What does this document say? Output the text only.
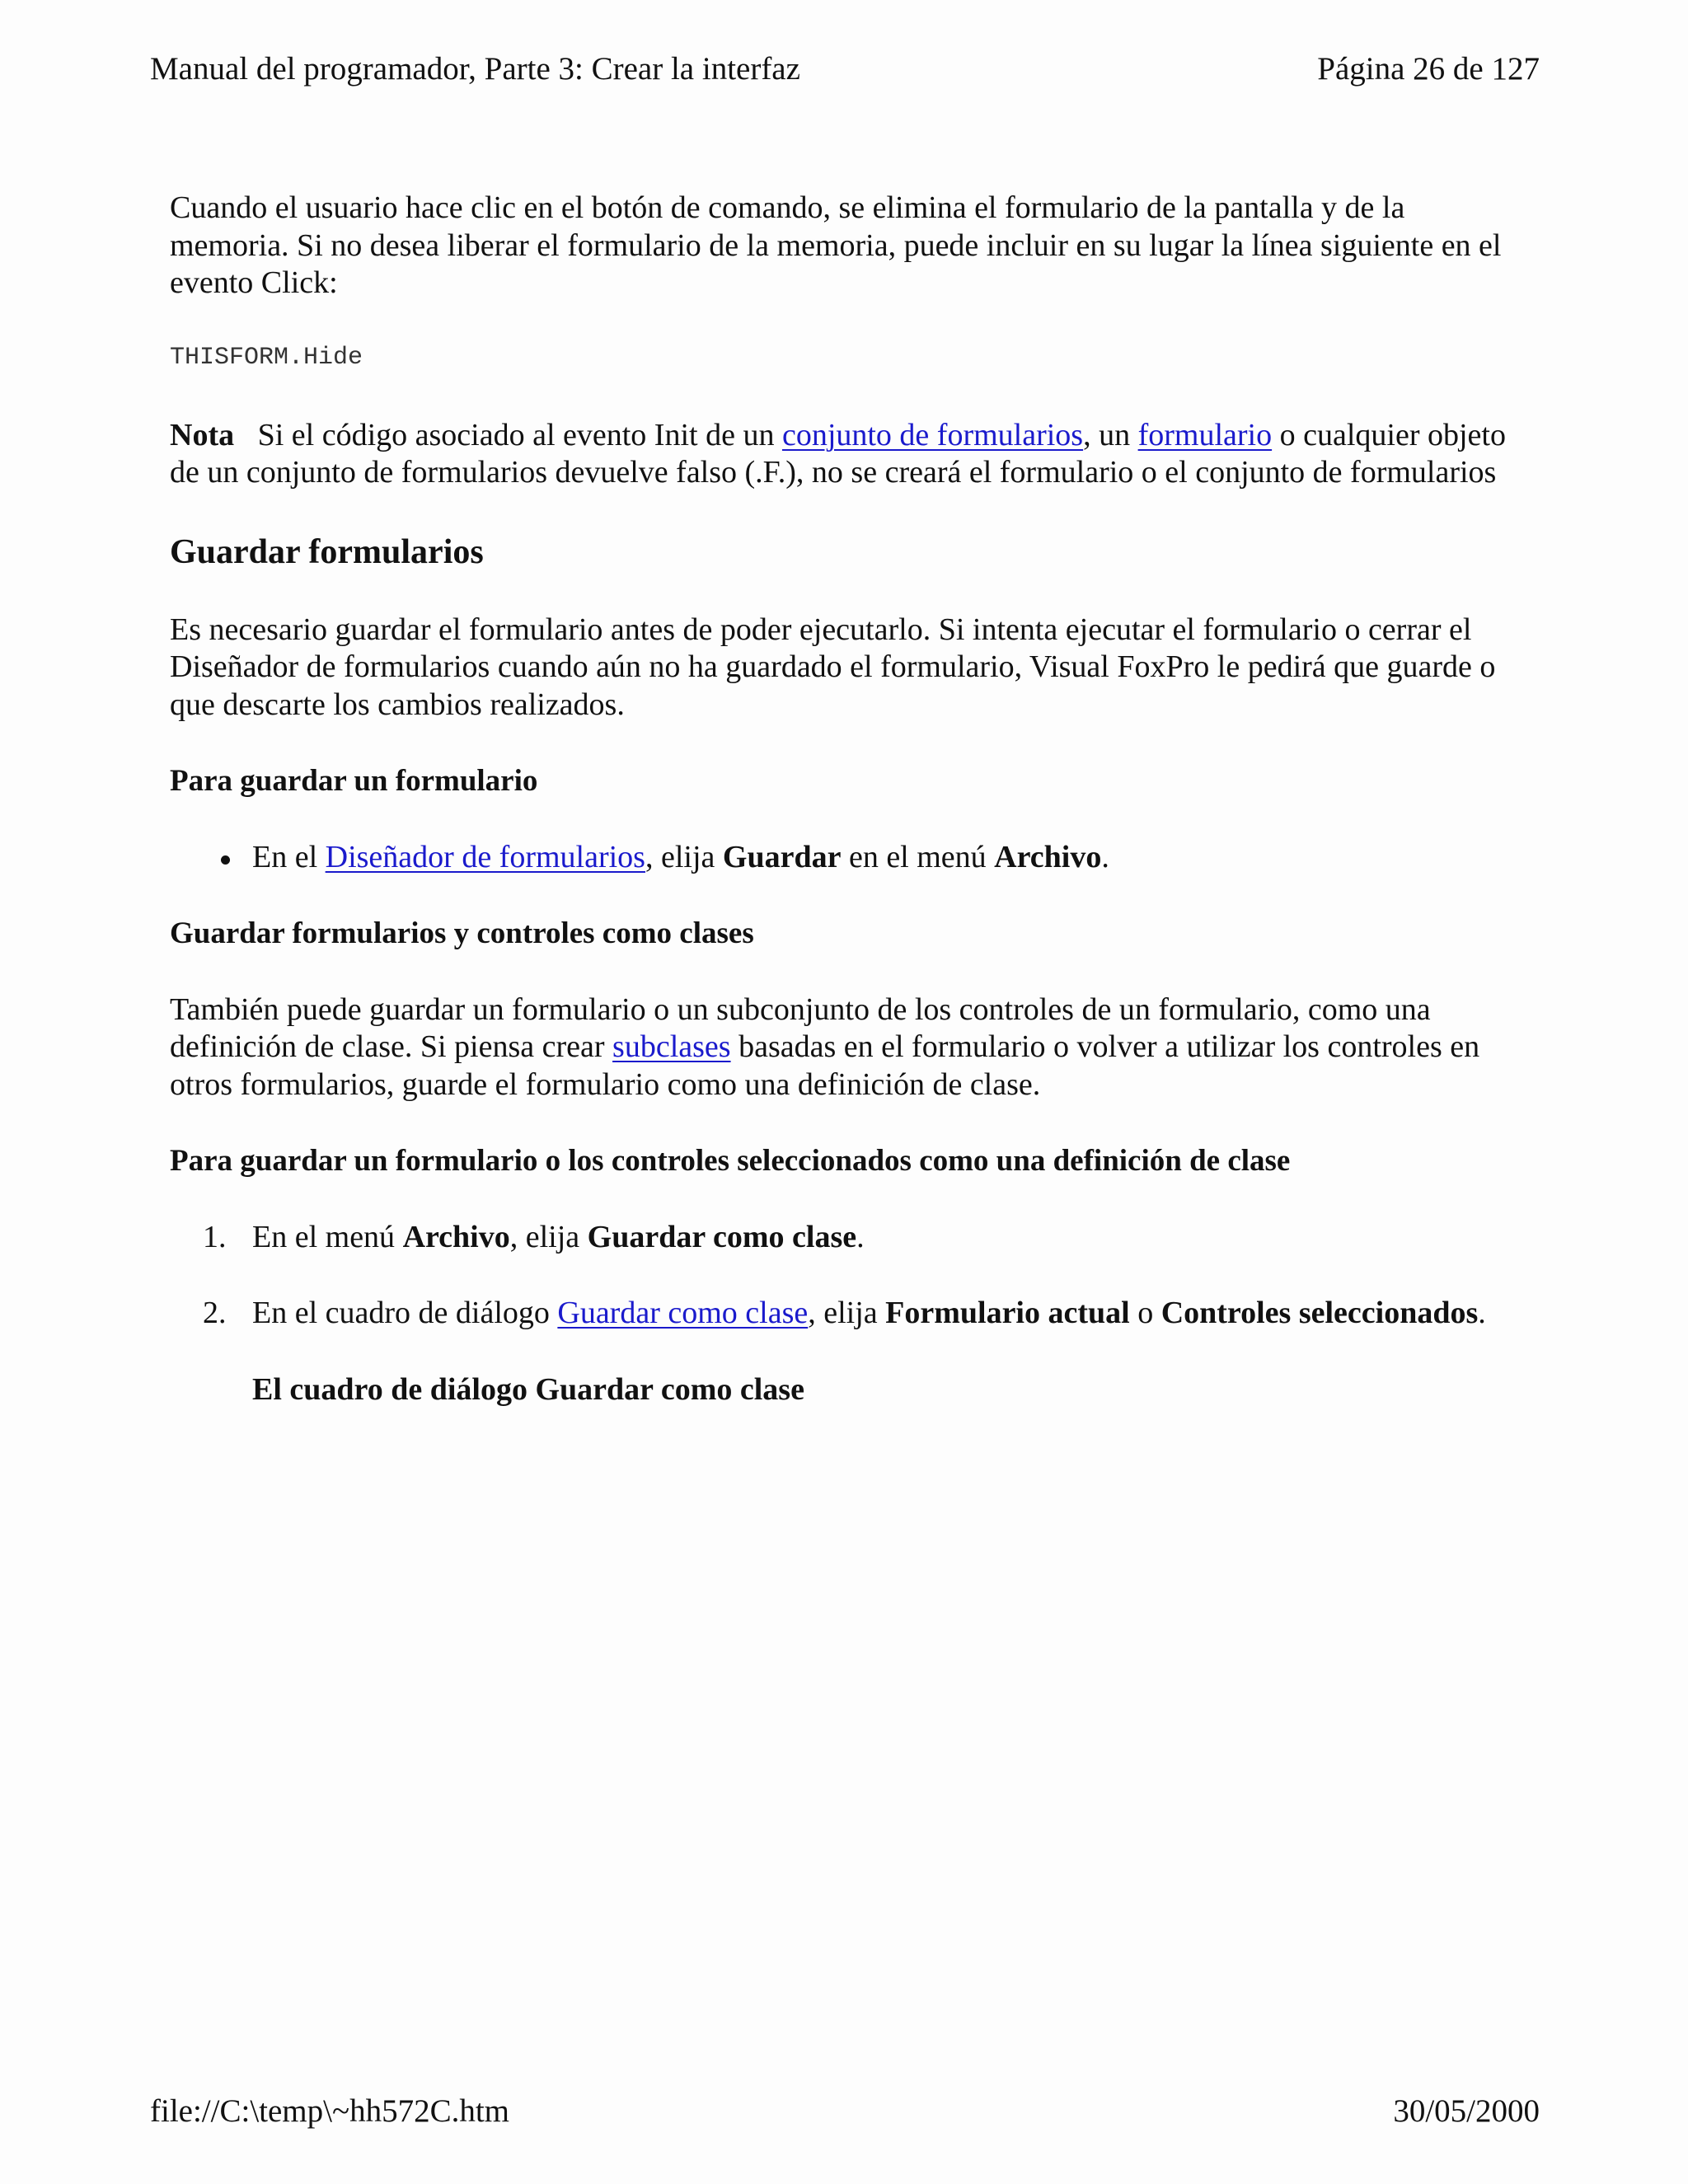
Manual del programador, Parte 3: Crear la interfaz	Página 26 de 127

Cuando el usuario hace clic en el botón de comando, se elimina el formulario de la pantalla y de la memoria. Si no desea liberar el formulario de la memoria, puede incluir en su lugar la línea siguiente en el evento Click:

THISFORM.Hide

Nota Si el código asociado al evento Init de un conjunto de formularios, un formulario o cualquier objeto de un conjunto de formularios devuelve falso (.F.), no se creará el formulario o el conjunto de formularios

Guardar formularios

Es necesario guardar el formulario antes de poder ejecutarlo. Si intenta ejecutar el formulario o cerrar el Diseñador de formularios cuando aún no ha guardado el formulario, Visual FoxPro le pedirá que guarde o que descarte los cambios realizados.

Para guardar un formulario

En el Diseñador de formularios, elija Guardar en el menú Archivo.

Guardar formularios y controles como clases

También puede guardar un formulario o un subconjunto de los controles de un formulario, como una definición de clase. Si piensa crear subclases basadas en el formulario o volver a utilizar los controles en otros formularios, guarde el formulario como una definición de clase.

Para guardar un formulario o los controles seleccionados como una definición de clase

1. En el menú Archivo, elija Guardar como clase.
2. En el cuadro de diálogo Guardar como clase, elija Formulario actual o Controles seleccionados.

El cuadro de diálogo Guardar como clase

file://C:\temp\~hh572C.htm	30/05/2000
